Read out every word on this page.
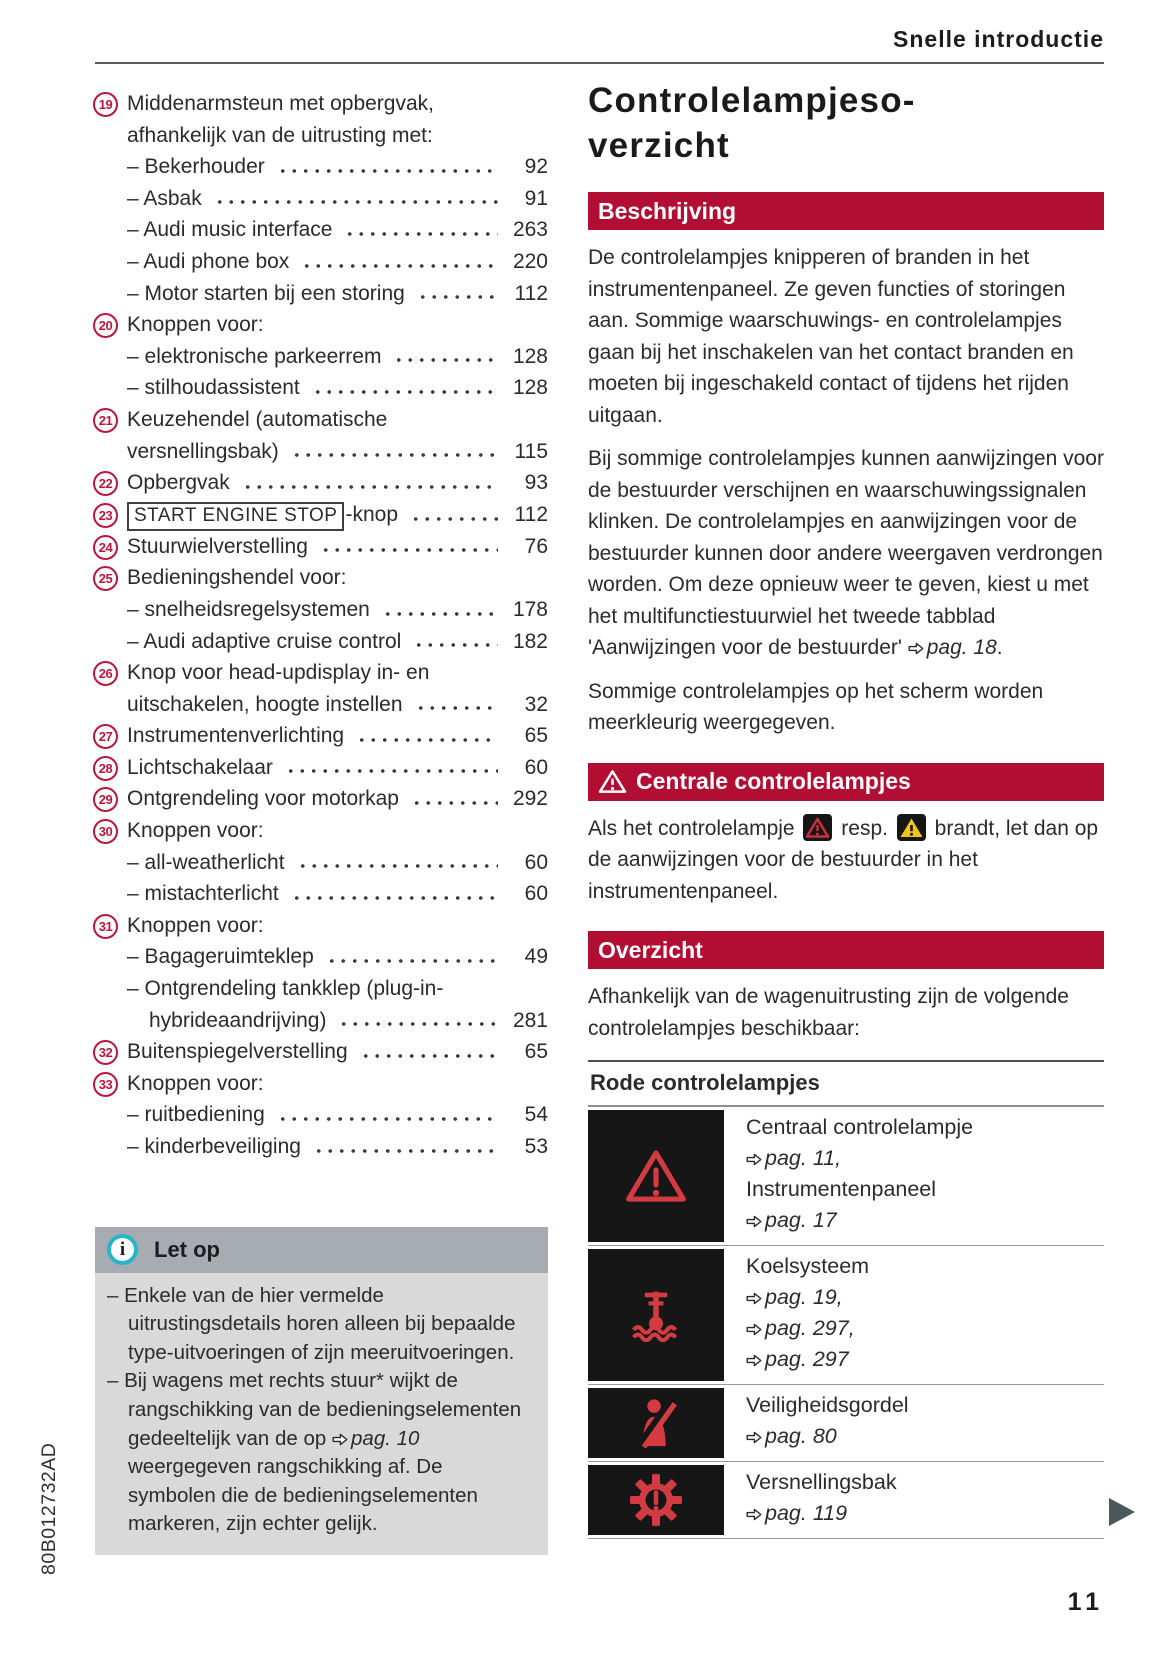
Snelle introductie
19 Middenarmsteun met opbergvak,
afhankelijk van de uitrusting met:
– Bekerhouder	92
– Asbak	91
– Audi music interface	263
– Audi phone box	220
– Motor starten bij een storing	112
20 Knoppen voor:
– elektronische parkeerrem	128
– stilhoudassistent	128
21 Keuzehendel (automatische
versnellingsbak)	115
22 Opbergvak	93
23	START ENGINE STOP -knop	112
24 Stuurwielverstelling	76
25 Bedieningshendel voor:
– snelheidsregelsystemen	178
– Audi adaptive cruise control	182
26 Knop voor head-updisplay in- en
uitschakelen, hoogte instellen	32
27 Instrumentenverlichting	65
28 Lichtschakelaar	60
29 Ontgrendeling voor motorkap	292
30 Knoppen voor:
– all-weatherlicht	60
– mistachterlicht	60
31 Knoppen voor:
– Bagageruimteklep	49
– Ontgrendeling tankklep (plug-in-
hybrideaandrijving)	281
32 Buitenspiegelverstelling	65
33 Knoppen voor:
– ruitbediening	54
– kinderbeveiliging	53
i	Let op
– Enkele van de hier vermelde uitrustingsdetails horen alleen bij bepaalde type-uitvoeringen of zijn meeruitvoeringen.
– Bij wagens met rechts stuur* wijkt de rangschikking van de bedieningselementen gedeeltelijk van de op pag. 10 weergegeven rangschikking af. De symbolen die de bedieningselementen markeren, zijn echter gelijk.
Controlelampjeso-
verzicht
Beschrijving
De controlelampjes knipperen of branden in het instrumentenpaneel. Ze geven functies of storingen aan. Sommige waarschuwings- en controlelampjes gaan bij het inschakelen van het contact branden en moeten bij ingeschakeld contact of tijdens het rijden uitgaan.
Bij sommige controlelampjes kunnen aanwijzingen voor de bestuurder verschijnen en waarschuwingssignalen klinken. De controlelampjes en aanwijzingen voor de bestuurder kunnen door andere weergaven verdrongen worden. Om deze opnieuw weer te geven, kiest u met het multifunctiestuurwiel het tweede tabblad 'Aanwijzingen voor de bestuurder' pag. 18.
Sommige controlelampjes op het scherm worden meerkleurig weergegeven.
Centrale controlelampjes
Als het controlelampje  resp.  brandt, let dan op de aanwijzingen voor de bestuurder in het instrumentenpaneel.
Overzicht
Afhankelijk van de wagenuitrusting zijn de volgende controlelampjes beschikbaar:
Rode controlelampjes
Centraal controlelampje
pag. 11,
Instrumentenpaneel
pag. 17
Koelsysteem
pag. 19,
pag. 297,
pag. 297
Veiligheidsgordel
pag. 80
Versnellingsbak
pag. 119
11
80B012732AD
